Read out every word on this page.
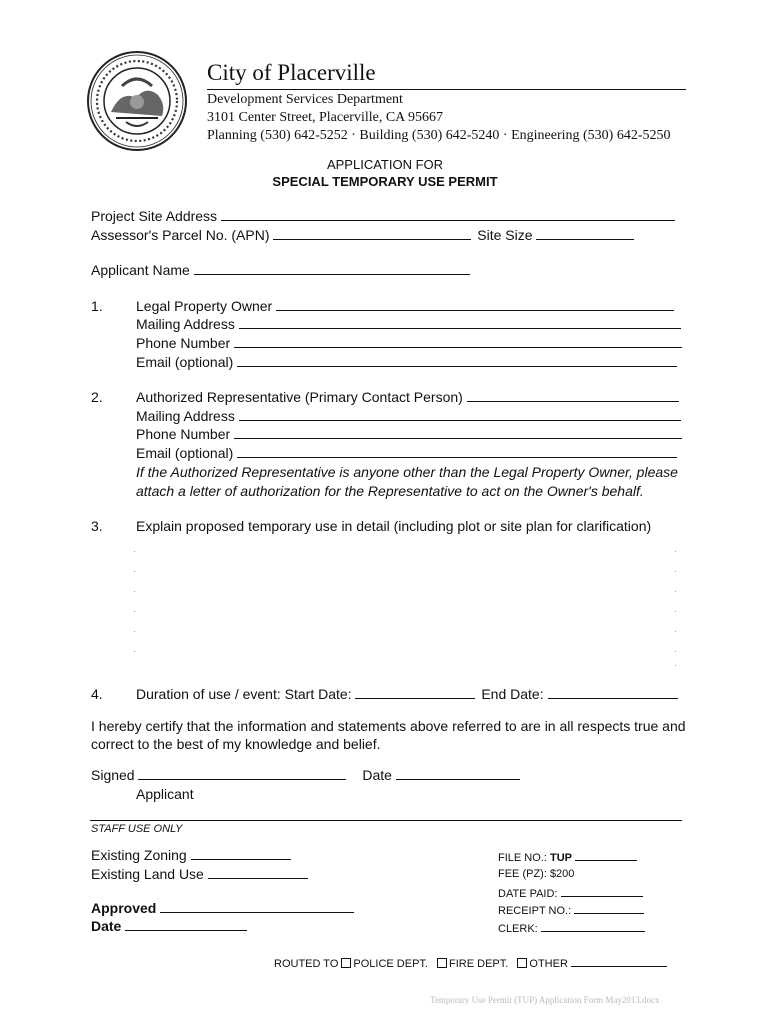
City of Placerville
Development Services Department
3101 Center Street, Placerville, CA 95667
Planning (530) 642-5252 · Building (530) 642-5240 · Engineering (530) 642-5250
APPLICATION FOR
SPECIAL TEMPORARY USE PERMIT
Project Site Address
Assessor's Parcel No. (APN)	Site Size
Applicant Name
1. Legal Property Owner
Mailing Address
Phone Number
Email (optional)
2. Authorized Representative (Primary Contact Person)
Mailing Address
Phone Number
Email (optional)
If the Authorized Representative is anyone other than the Legal Property Owner, please
attach a letter of authorization for the Representative to act on the Owner's behalf.
3. Explain proposed temporary use in detail (including plot or site plan for clarification)
4. Duration of use / event: Start Date:	End Date:
I hereby certify that the information and statements above referred to are in all respects true and
correct to the best of my knowledge and belief.
Signed	Date
Applicant
STAFF USE ONLY
Existing Zoning
Existing Land Use
Approved
Date
FILE NO.: TUP
FEE (PZ): $200
DATE PAID:
RECEIPT NO.:
CLERK:
ROUTED TO POLICE DEPT. FIRE DEPT. OTHER
Temporary Use Permit (TUP) Application Form May2013.docx
